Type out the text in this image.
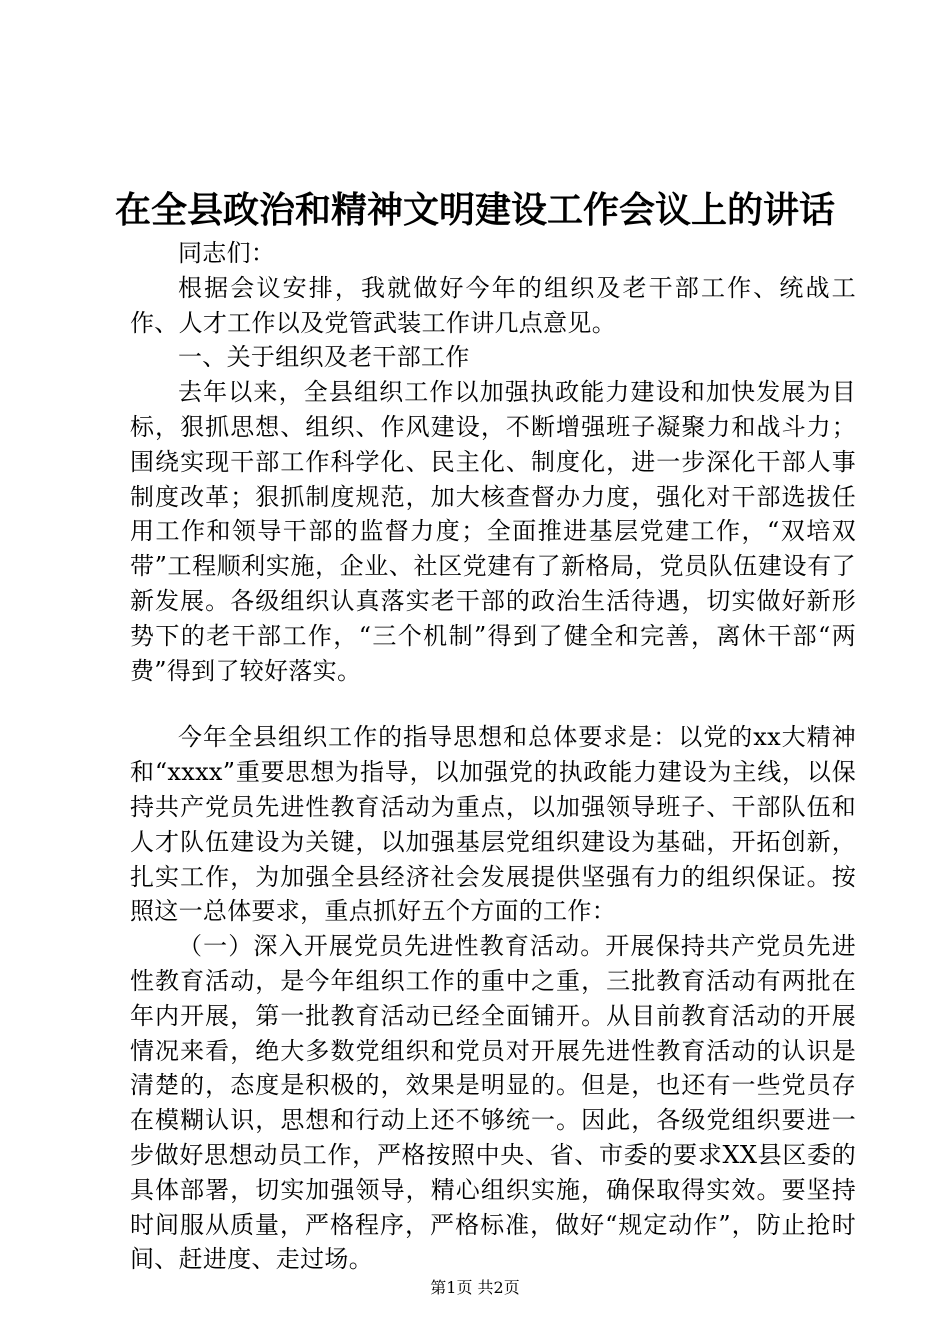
在全县政治和精神文明建设工作会议上的讲话

同志们：

根据会议安排，我就做好今年的组织及老干部工作、统战工作、人才工作以及党管武装工作讲几点意见。

一、关于组织及老干部工作

去年以来，全县组织工作以加强执政能力建设和加快发展为目标，狠抓思想、组织、作风建设，不断增强班子凝聚力和战斗力；围绕实现干部工作科学化、民主化、制度化，进一步深化干部人事制度改革；狠抓制度规范，加大核查督办力度，强化对干部选拔任用工作和领导干部的监督力度；全面推进基层党建工作，“双培双带”工程顺利实施，企业、社区党建有了新格局，党员队伍建设有了新发展。各级组织认真落实老干部的政治生活待遇，切实做好新形势下的老干部工作，“三个机制”得到了健全和完善，离休干部“两费”得到了较好落实。

今年全县组织工作的指导思想和总体要求是：以党的xx大精神和“xxxx”重要思想为指导，以加强党的执政能力建设为主线，以保持共产党员先进性教育活动为重点，以加强领导班子、干部队伍和人才队伍建设为关键，以加强基层党组织建设为基础，开拓创新，扎实工作，为加强全县经济社会发展提供坚强有力的组织保证。按照这一总体要求，重点抓好五个方面的工作：

（一）深入开展党员先进性教育活动。开展保持共产党员先进性教育活动，是今年组织工作的重中之重，三批教育活动有两批在年内开展，第一批教育活动已经全面铺开。从目前教育活动的开展情况来看，绝大多数党组织和党员对开展先进性教育活动的认识是清楚的，态度是积极的，效果是明显的。但是，也还有一些党员存在模糊认识，思想和行动上还不够统一。因此，各级党组织要进一步做好思想动员工作，严格按照中央、省、市委的要求XX县区委的具体部署，切实加强领导，精心组织实施，确保取得实效。要坚持时间服从质量，严格程序，严格标准，做好“规定动作”，防止抢时间、赶进度、走过场。

第1页 共2页
